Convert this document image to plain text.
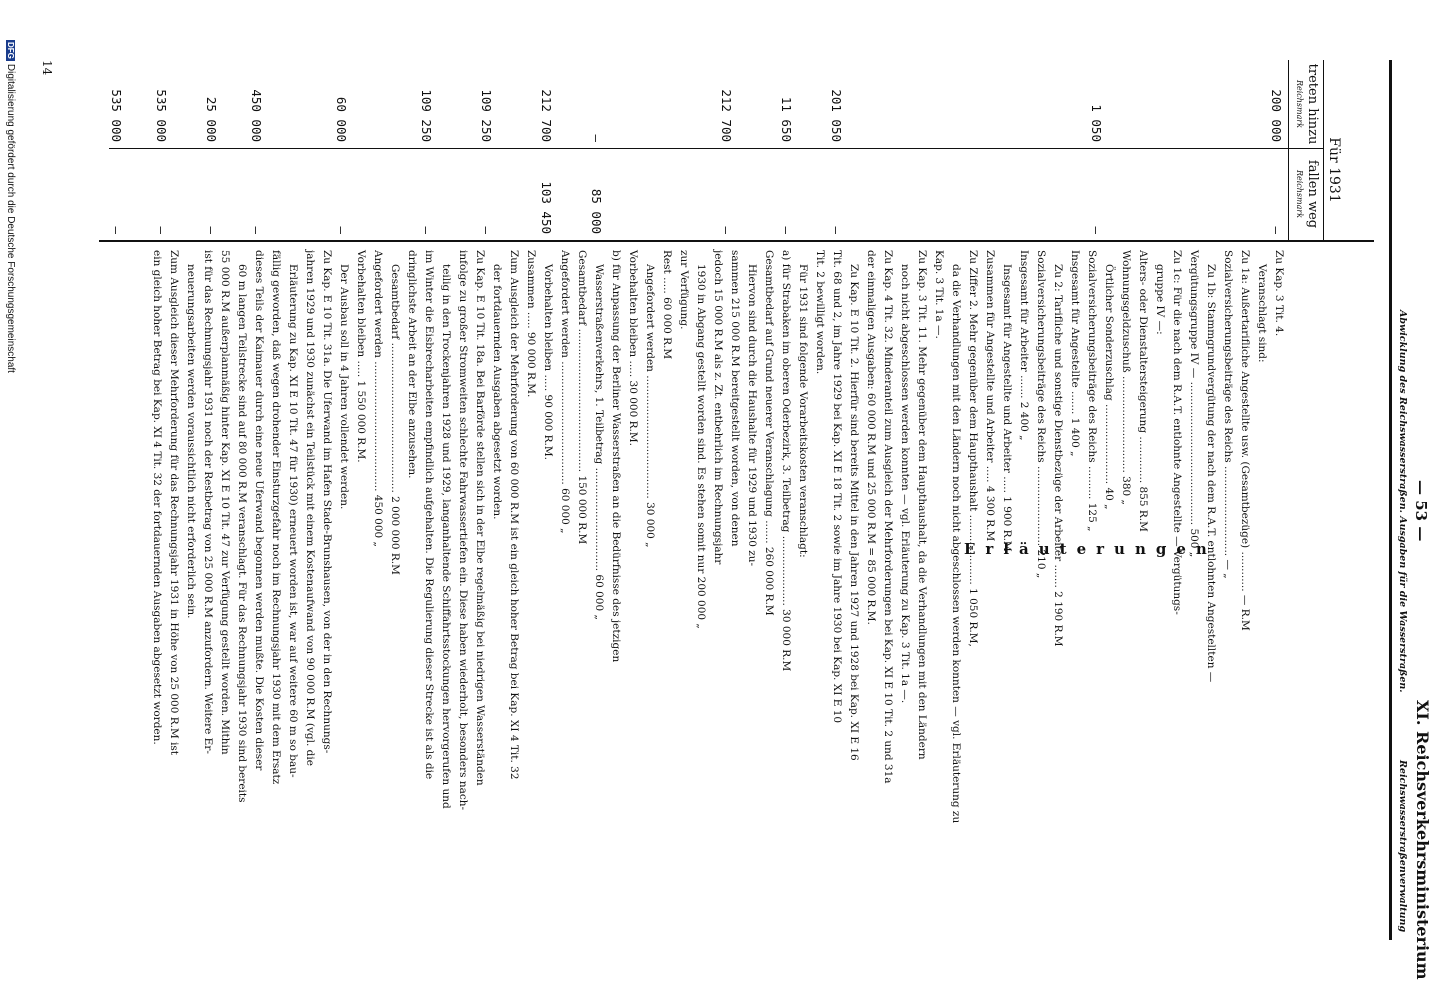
— 53 —
XI. Reichsverkehrsministerium
Abwicklung des Reichswasserstraßen. Ausgaben für die Wasserstraßen.
Reichswasserstraßenverwaltung
Für 1931
treten hinzu
Reichsmark
fallen weg
Reichsmark
200 000
—
1 050
—
201 050
—
11 650
—
212 700
—
—
85 000
212 700
103 450
109 250
—
109 250
—
60 000
—
450 000
—
25 000
—
535 000
—
535 000
—
Erläuterungen
Zu Kap. 3 Tit. 4.
Veranschlagt sind:
Zu 1a: Außertarifliche Angestellte usw. (Gesamtbezüge) ............ — R.M
Sozialversicherungsbeiträge des Reichs ........................... — „
Zu 1b: Stammgrundvergütung der nach dem R.A.T. entlohnten Angestellten —
Vergütungsgruppe IV — ........................................... 500 „
Zu 1c: Für die nach dem R.A.T. entlohnte Angestellte — Vergütungs-
gruppe IV —:
Alters- oder Dienstaltersteigerung .............. 855 R.M
Wohnungsgeldzuschuß ............................. 380 „
Örtlicher Sonderzuschlag ........................ 40 „
Sozialversicherungsbeiträge des Reichs .......... 125 „
Insgesamt für Angestellte ....... 1 400 „
Zu 2: Tarifliche und sonstige Dienstbezüge der Arbeiter ....... 2 190 R.M
Sozialversicherungsbeiträge des Reichs ........................ 210 „
Insgesamt für Arbeiter ....... 2 400 „
Insgesamt für Angestellte und Arbeiter ..... 1 900 R.M
Zusammen für Angestellte und Arbeiter ..... 4 300 R.M
Zu Ziffer 2. Mehr gegenüber dem Haupthaushalt ..................... 1 050 R.M,
da die Verhandlungen mit den Ländern noch nicht abgeschlossen werden konnten — vgl. Erläuterung zu
Kap. 3 Tit. 1a —.
Zu Kap. 3 Tit. 11. Mehr gegenüber dem Haupthaushalt, da die Verhandlungen mit den Ländern
noch nicht abgeschlossen werden konnten — vgl. Erläuterung zu Kap. 3 Tit. 1a —.
Zu Kap. 4 Tit. 32. Minderanteil zum Ausgleich der Mehrforderungen bei Kap. XI E 10 Tit. 2 und 31a
der einmaligen Ausgaben: 60 000 R.M und 25 000 R.M = 85 000 R.M.
Zu Kap. E 10 Tit. 2. Hierfür sind bereits Mittel in den Jahren 1927 und 1928 bei Kap. XI E 16
Tit. 68 und 2, im Jahre 1929 bei Kap. XI E 18 Tit. 2 sowie im Jahre 1930 bei Kap. XI E 10
Tit. 2 bewilligt worden.
Für 1931 sind folgende Vorarbeitskosten veranschlagt:
a) für Strabaken im oberen Oderbezirk, 3. Teilbetrag ..................... 30 000 R.M
Gesamtbedarf auf Grund neuerer Veranschlagung ....... 260 000 R.M
Hiervon sind durch die Haushalte für 1929 und 1930 zu-
sammen 215 000 R.M bereitgestellt worden, von denen
jedoch 15 000 R.M als z. Zt. entbehrlich im Rechnungsjahr
1930 in Abgang gestellt worden sind. Es stehen somit nur 200 000 „
zur Verfügung.
Rest ..... 60 000 R.M
Angefordert werden ..................................... 30 000 „
Vorbehalten bleiben ..... 30 000 R.M.
b) für Anpassung der Berliner Wasserstraßen an die Bedürfnisse des jetzigen
Wasserstraßenverkehrs, 1. Teilbetrag ............................... 60 000 „
Gesamtbedarf ........................................... 150 000 R.M
Angefordert werden ..................................... 60 000 „
Vorbehalten bleiben ..... 90 000 R.M.
Zusammen ..... 90 000 R.M.
Zum Ausgleich der Mehrforderung von 60 000 R.M ist ein gleich hoher Betrag bei Kap. XI 4 Tit. 32
der fortdauernden Ausgaben abgesetzt worden.
Zu Kap. E 10 Tit. 18a. Bei Barförde stellen sich in der Elbe regelmäßig bei niedrigen Wasserständen
infolge zu großer Stromweiten schlechte Fahrwassertiefen ein. Diese haben wiederholt, besonders nach-
teilig in den Trockenjahren 1928 und 1929, langanhaltende Schiffahrtsstockungen hervorgerufen und
im Winter die Eisbrecharbeiten empfindlich aufgehalten. Die Regulierung dieser Strecke ist als die
dringlichste Arbeit an der Elbe anzusehen.
Gesamtbedarf ............................................. 2 000 000 R.M
Angefordert werden ....................................... 450 000 „
Vorbehalten bleiben ..... 1 550 000 R.M.
Der Ausbau soll in 4 Jahren vollendet werden.
Zu Kap. E 10 Tit. 31a. Die Uferwand im Hafen Stade-Brunshausen, von der in den Rechnungs-
jahren 1929 und 1930 zunächst ein Teilstück mit einem Kostenaufwand von 90 000 R.M (vgl. die
Erläuterung zu Kap. XI E 10 Tit. 47 für 1930) erneuert worden ist, war auf weitere 60 m so bau-
fällig geworden, daß wegen drohender Einsturzgefahr noch im Rechnungsjahr 1930 mit dem Ersatz
dieses Teils der Kaimauer durch eine neue Uferwand begonnen werden mußte. Die Kosten dieser
60 m langen Teilstrecke sind auf 80 000 R.M veranschlagt. Für das Rechnungsjahr 1930 sind bereits
55 000 R.M außerplanmäßig hinter Kap. XI E 10 Tit. 47 zur Verfügung gestellt worden. Mithin
ist für das Rechnungsjahr 1931 noch der Restbetrag von 25 000 R.M anzufordern. Weitere Er-
neuerungsarbeiten werden voraussichtlich nicht erforderlich sein.
Zum Ausgleich dieser Mehrforderung für das Rechnungsjahr 1931 in Höhe von 25 000 R.M ist
ein gleich hoher Betrag bei Kap. XI 4 Tit. 32 der fortdauernden Ausgaben abgesetzt worden.
14
DFGDigitalisierung gefördert durch die Deutsche Forschungsgemeinschaft
